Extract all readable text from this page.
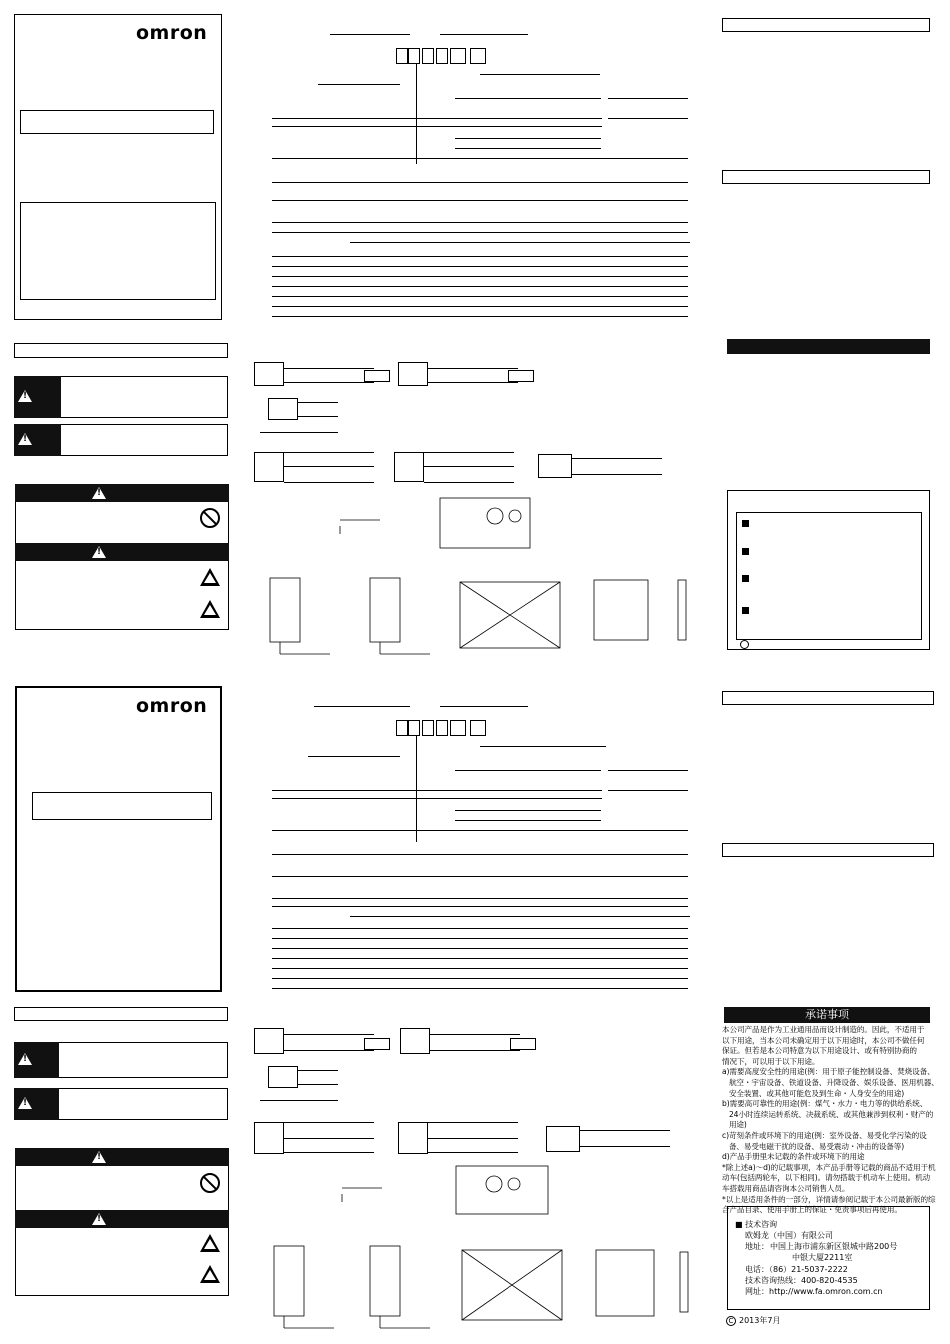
omron
!
!
!
!
omron
!
!
!
!
承诺事项
本公司产品是作为工业通用品而设计制造的。因此，不适用于
以下用途，当本公司未确定用于以下用途时，本公司不做任何
保证。但若是本公司特意为以下用途设计、或有特别协商的
情况下，可以用于以下用途。
a)需要高度安全性的用途(例：用于原子能控制设备、焚烧设备、
航空・宇宙设备、铁道设备、升降设备、娱乐设备、医用机器、
安全装置、或其他可能危及到生命・人身安全的用途)
b)需要高可靠性的用途(例：煤气・水力・电力等的供给系统、
24小时连续运转系统、决裁系统、或其他兼涉到权利・财产的
用途)
c)苛刻条件或环境下的用途(例：室外设备、易受化学污染的设
备、易受电磁干扰的设备、易受震动・冲击的设备等)
d)产品手册里未记载的条件或环境下的用途
*除上述a)～d)的记载事项，本产品手册等记载的商品不适用于机
动车(包括两轮车，以下相同)。请勿搭载于机动车上使用。机动
车搭载用商品请咨询本公司销售人员。
*以上是适用条件的一部分，详情请参阅记载于本公司最新版的综
合产品目录、使用手册上的保证・免责事项后再使用。
■ 技术咨询
欧姆龙（中国）有限公司
地址： 中国上海市浦东新区银城中路200号
中银大厦2211室
电话：（86）21-5037-2222
技术咨询热线：400-820-4535
网址：http://www.fa.omron.com.cn
C 2013年7月
